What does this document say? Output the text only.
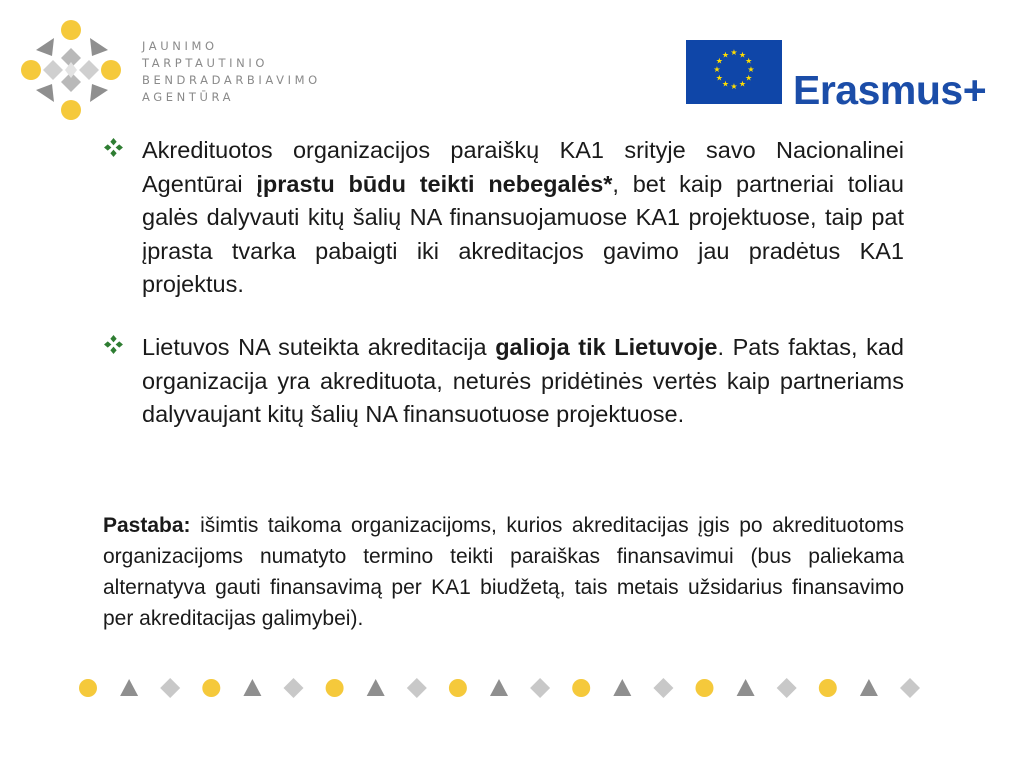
JAUNIMO
TARPTAUTINIO
BENDRADARBIAVIMO
AGENTŪRA
★ ★
★
★
★
★
★
★
★
★
★
★
Erasmus+

Akredituotos organizacijos paraiškų KA1 srityje savo Nacionalinei Agentūrai įprastu būdu teikti nebegalės*, bet kaip partneriai toliau galės dalyvauti kitų šalių NA finansuojamuose KA1 projektuose, taip pat įprasta tvarka pabaigti iki akreditacjos gavimo jau pradėtus KA1 projektus.

Lietuvos NA suteikta akreditacija galioja tik Lietuvoje. Pats faktas, kad organizacija yra akredituota, neturės pridėtinės vertės kaip partneriams dalyvaujant kitų šalių NA finansuotuose projektuose.

Pastaba: išimtis taikoma organizacijoms, kurios akreditacijas įgis po akredituotoms organizacijoms numatyto termino teikti paraiškas finansavimui (bus paliekama alternatyva gauti finansavimą per KA1 biudžetą, tais metais užsidarius finansavimo per akreditacijas galimybei).
